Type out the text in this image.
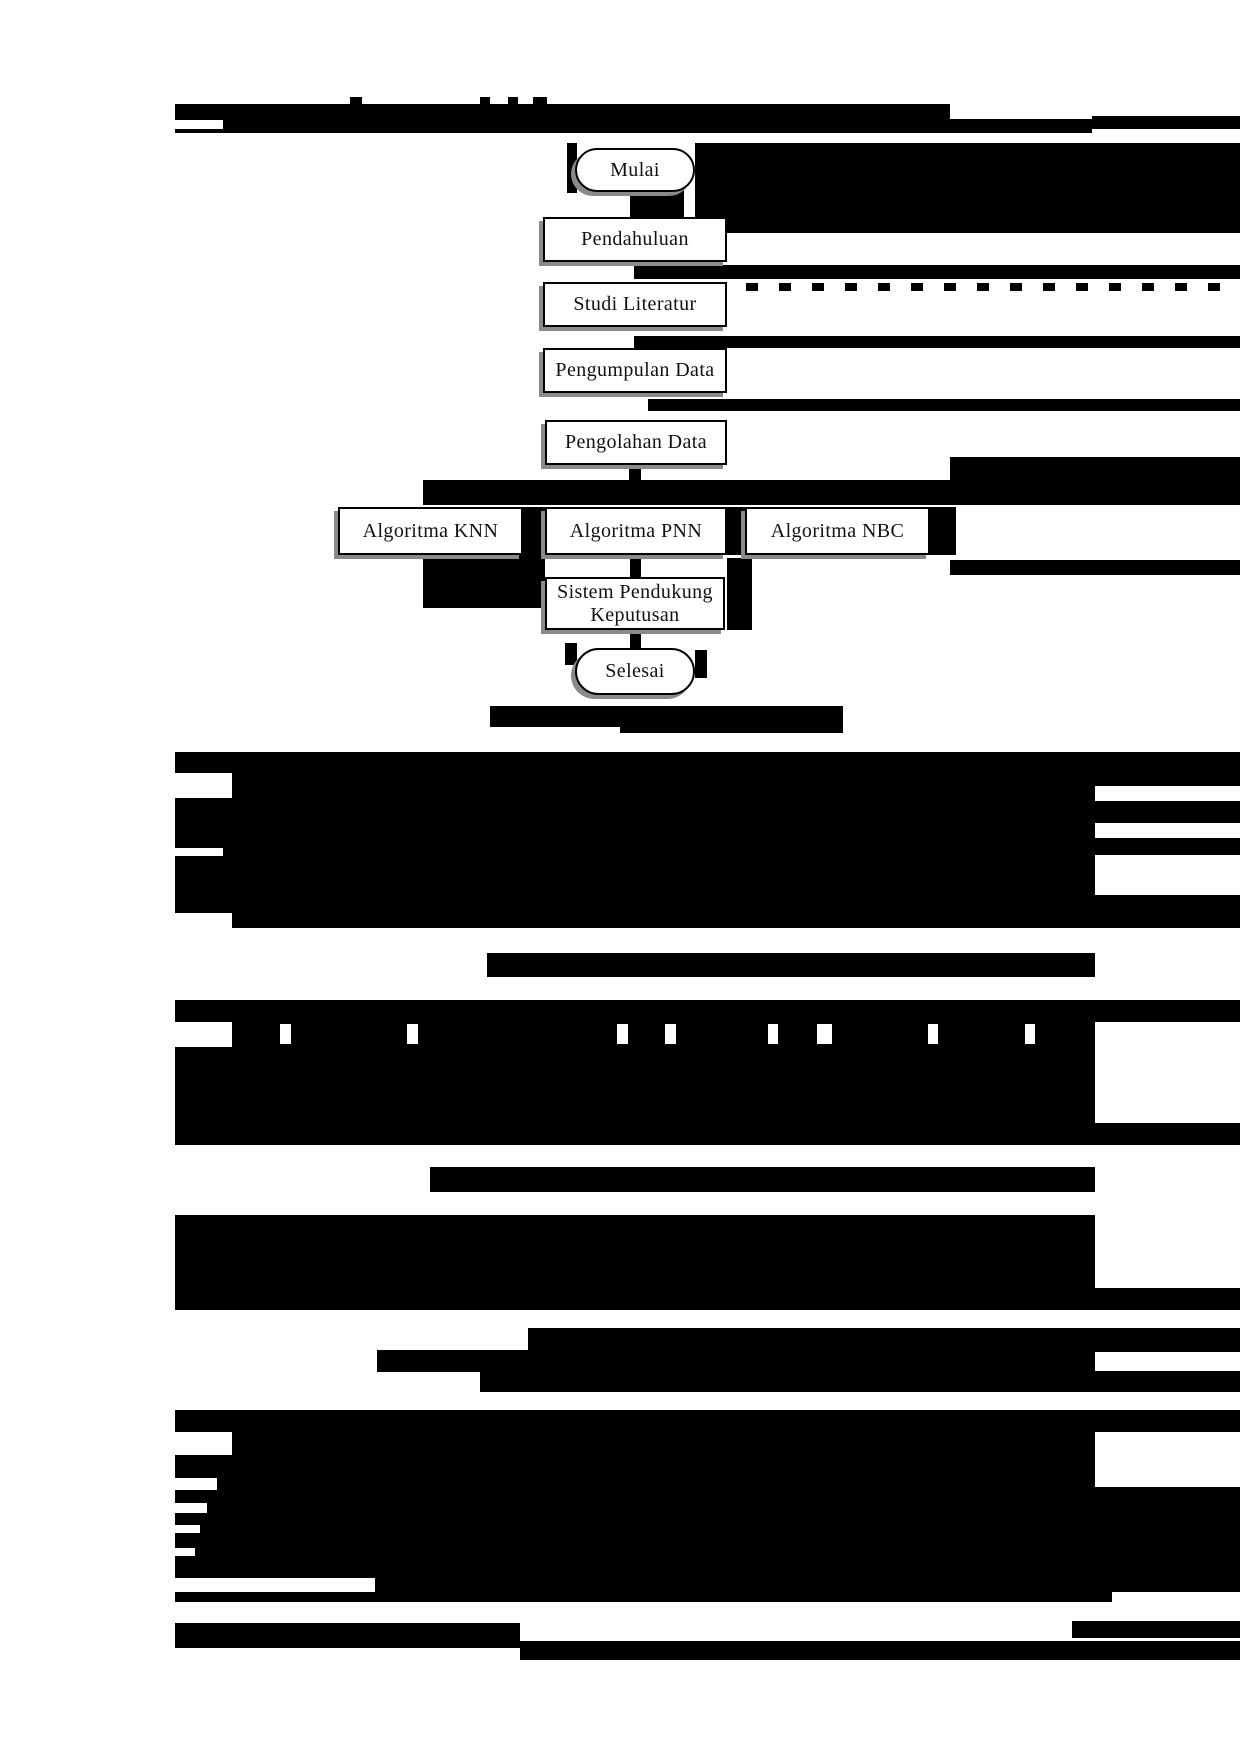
Mulai
Pendahuluan
Studi Literatur
Pengumpulan Data
Pengolahan Data
Algoritma KNN	Algoritma PNN	Algoritma NBC
Sistem Pendukung Keputusan
Selesai
